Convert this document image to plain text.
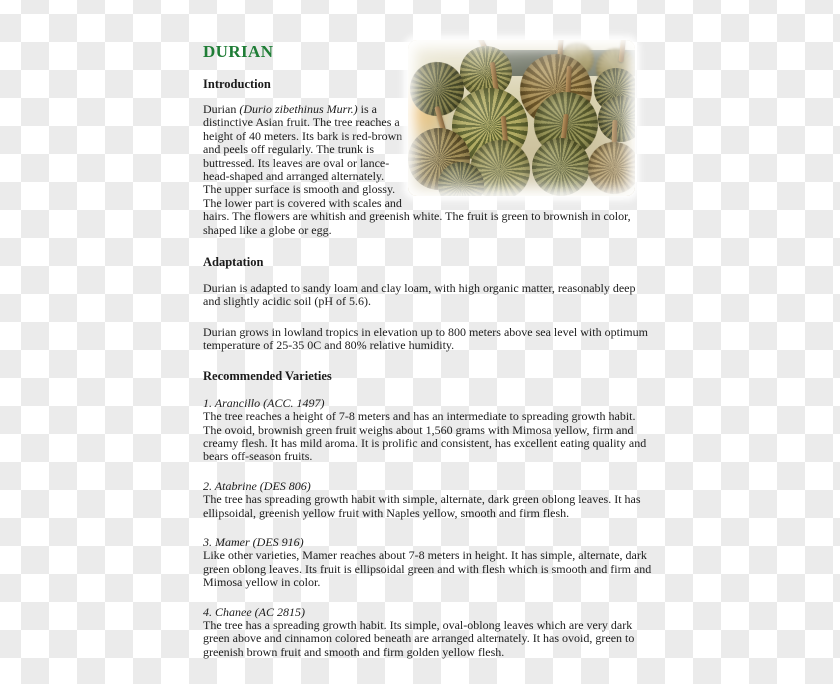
DURIAN
Introduction

Durian (Durio zibethinus Murr.) is a distinctive Asian fruit. The tree reaches a height of 40 meters. Its bark is red-brown and peels off regularly. The trunk is buttressed. Its leaves are oval or lance-head-shaped and arranged alternately. The upper surface is smooth and glossy. The lower part is covered with scales and hairs. The flowers are whitish and greenish white. The fruit is green to brownish in color, shaped like a globe or egg.

Adaptation

Durian is adapted to sandy loam and clay loam, with high organic matter, reasonably deep and slightly acidic soil (pH of 5.6).

Durian grows in lowland tropics in elevation up to 800 meters above sea level with optimum temperature of 25-35 0C and 80% relative humidity.

Recommended Varieties
1. Arancillo (ACC. 1497)
The tree reaches a height of 7-8 meters and has an intermediate to spreading growth habit. The ovoid, brownish green fruit weighs about 1,560 grams with Mimosa yellow, firm and creamy flesh. It has mild aroma. It is prolific and consistent, has excellent eating quality and bears off-season fruits.
2. Atabrine (DES 806)
The tree has spreading growth habit with simple, alternate, dark green oblong leaves. It has ellipsoidal, greenish yellow fruit with Naples yellow, smooth and firm flesh.
3. Mamer (DES 916)
Like other varieties, Mamer reaches about 7-8 meters in height. It has simple, alternate, dark green oblong leaves. Its fruit is ellipsoidal green and with flesh which is smooth and firm and Mimosa yellow in color.
4. Chanee (AC 2815)
The tree has a spreading growth habit. Its simple, oval-oblong leaves which are very dark green above and cinnamon colored beneath are arranged alternately. It has ovoid, green to greenish brown fruit and smooth and firm golden yellow flesh.
